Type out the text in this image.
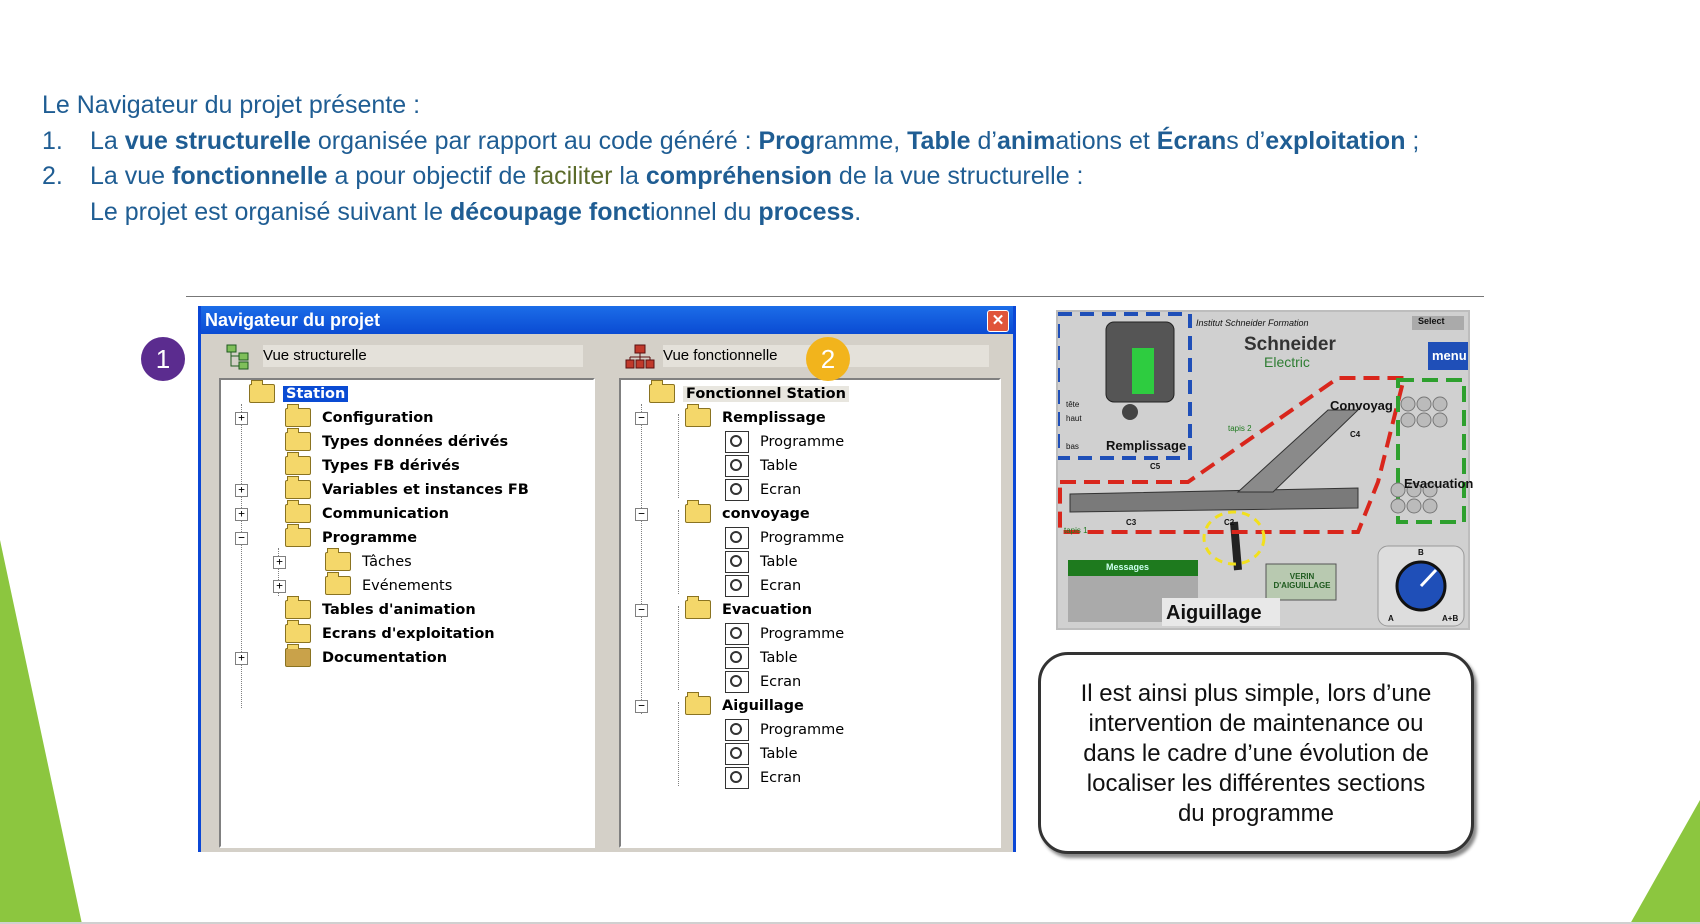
Le Navigateur du projet présente :
1. La vue structurelle organisée par rapport au code généré : Programme, Table d’animations et Écrans d’exploitation ;
2. La vue fonctionnelle a pour objectif de faciliter la compréhension de la vue structurelle :
Le projet est organisé suivant le découpage fonctionnel du process.
1
Navigateur du projet	✕
Vue structurelle	Vue fonctionnelle
Station
+	Configuration
Types données dérivés
Types FB dérivés
+	Variables et instances FB
+	Communication
−	Programme
+	Tâches
+	Evénements
Tables d'animation
Ecrans d'exploitation
+	Documentation
Fonctionnel Station
−	Remplissage
Programme
Table
Ecran
−	convoyage
Programme
Table
Ecran
−	Evacuation
Programme
Table
Ecran
−	Aiguillage
Programme
Table
Ecran
2
Institut Schneider Formation
Schneider
Electric
Select
menu
tête
haut
bas Remplissage
C5
tapis 2
C4
Convoyag
Evacuation
tapis 1
C3	C2
Messages
VERIN D'AIGUILLAGE
Aiguillage
B
A	A+B
Il est ainsi plus simple, lors d’une
intervention de maintenance ou
dans le cadre d’une évolution de
localiser les différentes sections
du programme
